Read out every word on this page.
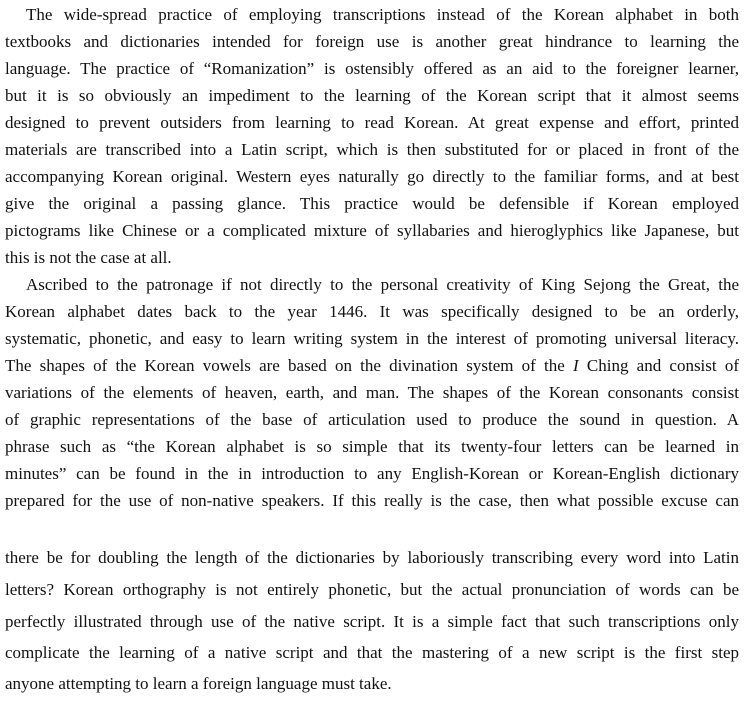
The wide-spread practice of employing transcriptions instead of the Korean alphabet in both
textbooks and dictionaries intended for foreign use is another great hindrance to learning the
language. The practice of “Romanization” is ostensibly offered as an aid to the foreigner learner,
but it is so obviously an impediment to the learning of the Korean script that it almost seems
designed to prevent outsiders from learning to read Korean. At great expense and effort, printed
materials are transcribed into a Latin script, which is then substituted for or placed in front of the
accompanying Korean original. Western eyes naturally go directly to the familiar forms, and at best
give the original a passing glance. This practice would be defensible if Korean employed
pictograms like Chinese or a complicated mixture of syllabaries and hieroglyphics like Japanese, but
this is not the case at all.
Ascribed to the patronage if not directly to the personal creativity of King Sejong the Great, the
Korean alphabet dates back to the year 1446. It was specifically designed to be an orderly,
systematic, phonetic, and easy to learn writing system in the interest of promoting universal literacy.
The shapes of the Korean vowels are based on the divination system of the I Ching and consist of
variations of the elements of heaven, earth, and man. The shapes of the Korean consonants consist
of graphic representations of the base of articulation used to produce the sound in question. A
phrase such as “the Korean alphabet is so simple that its twenty-four letters can be learned in
minutes” can be found in the in introduction to any English-Korean or Korean-English dictionary
prepared for the use of non-native speakers. If this really is the case, then what possible excuse can
there be for doubling the length of the dictionaries by laboriously transcribing every word into Latin
letters? Korean orthography is not entirely phonetic, but the actual pronunciation of words can be
perfectly illustrated through use of the native script. It is a simple fact that such transcriptions only
complicate the learning of a native script and that the mastering of a new script is the first step
anyone attempting to learn a foreign language must take.
